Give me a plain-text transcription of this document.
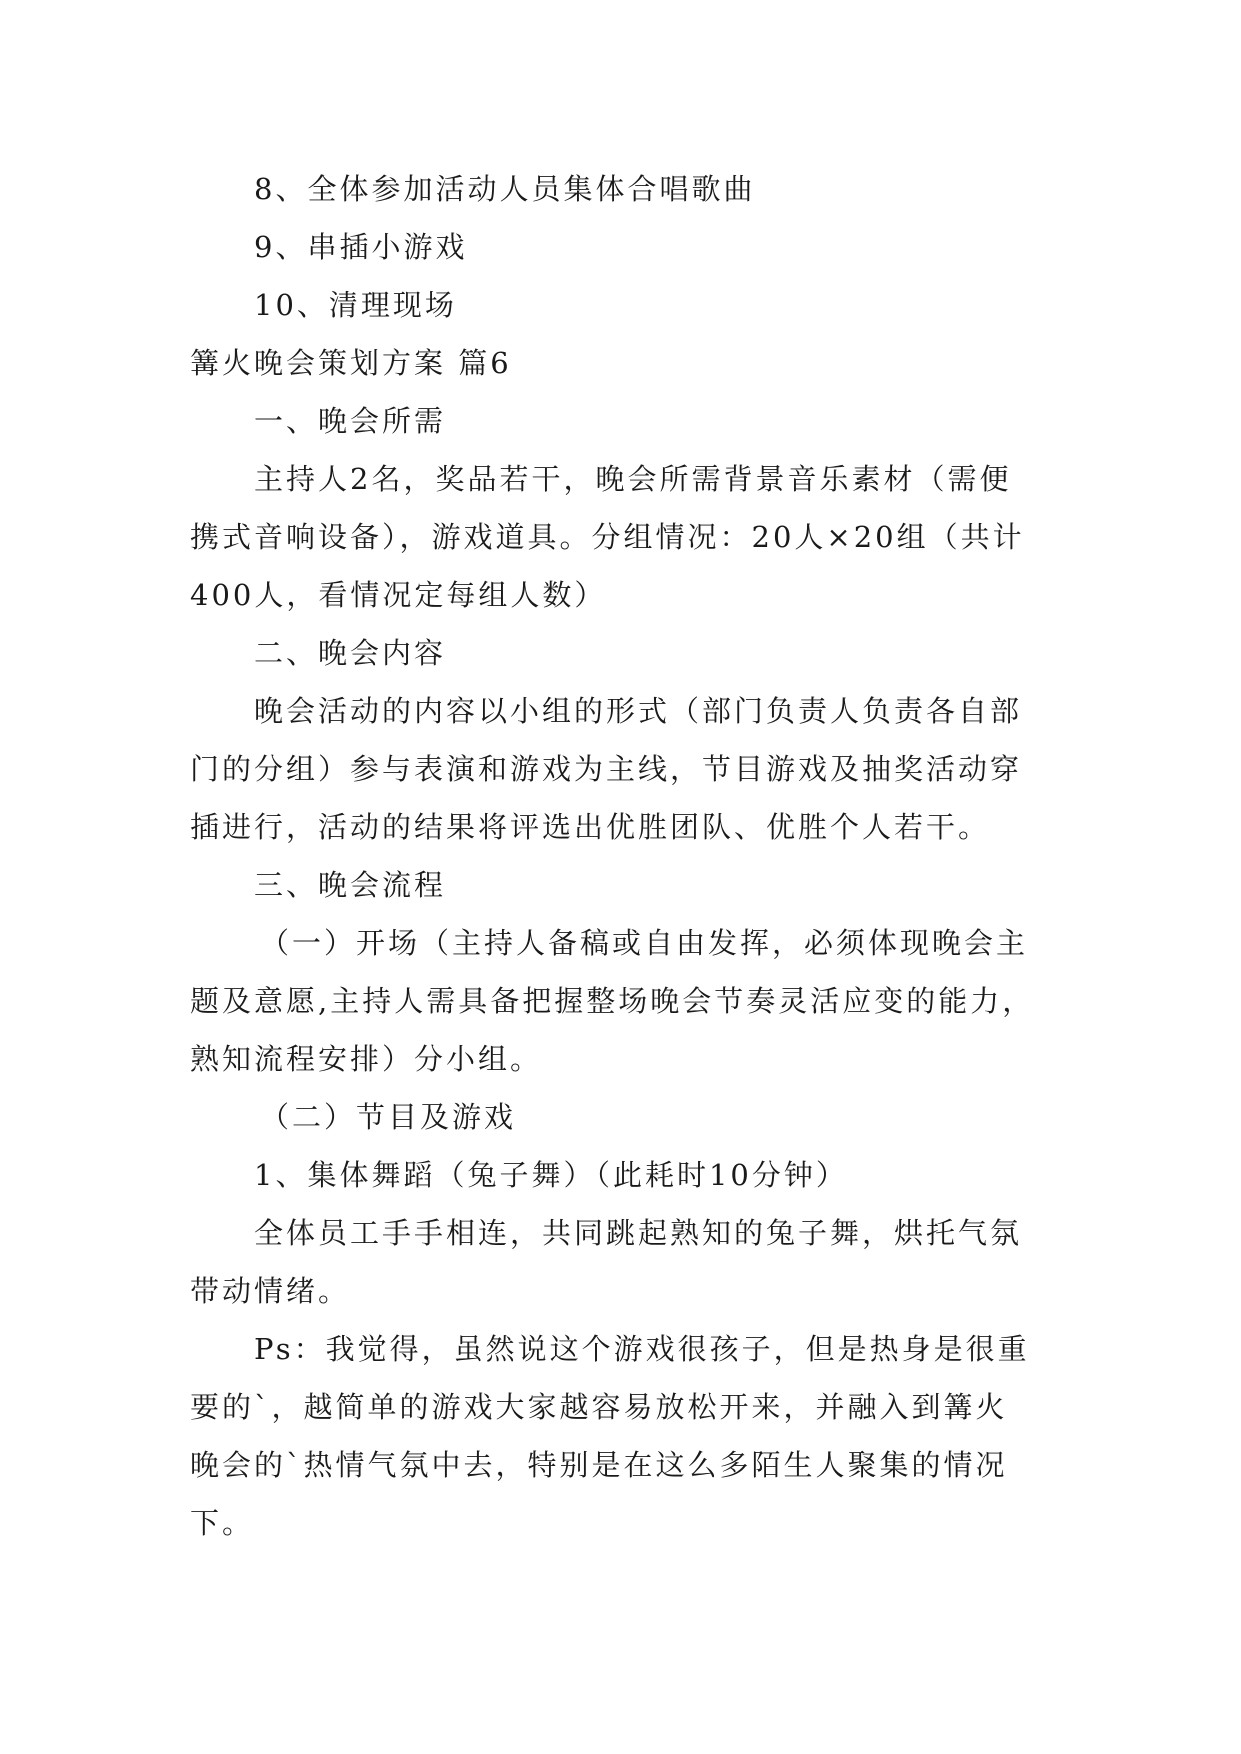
8、全体参加活动人员集体合唱歌曲
9、串插小游戏
10、清理现场
篝火晚会策划方案 篇6
一、晚会所需
主持人2名，奖品若干，晚会所需背景音乐素材（需便
携式音响设备），游戏道具。分组情况：20人×20组（共计
400人，看情况定每组人数）
二、晚会内容
晚会活动的内容以小组的形式（部门负责人负责各自部
门的分组）参与表演和游戏为主线，节目游戏及抽奖活动穿
插进行，活动的结果将评选出优胜团队、优胜个人若干。
三、晚会流程
（一）开场（主持人备稿或自由发挥，必须体现晚会主
题及意愿,主持人需具备把握整场晚会节奏灵活应变的能力，
熟知流程安排）分小组。
（二）节目及游戏
1、集体舞蹈（兔子舞）（此耗时10分钟）
全体员工手手相连，共同跳起熟知的兔子舞，烘托气氛
带动情绪。
Ps：我觉得，虽然说这个游戏很孩子，但是热身是很重
要的`，越简单的游戏大家越容易放松开来，并融入到篝火
晚会的`热情气氛中去，特别是在这么多陌生人聚集的情况
下。
